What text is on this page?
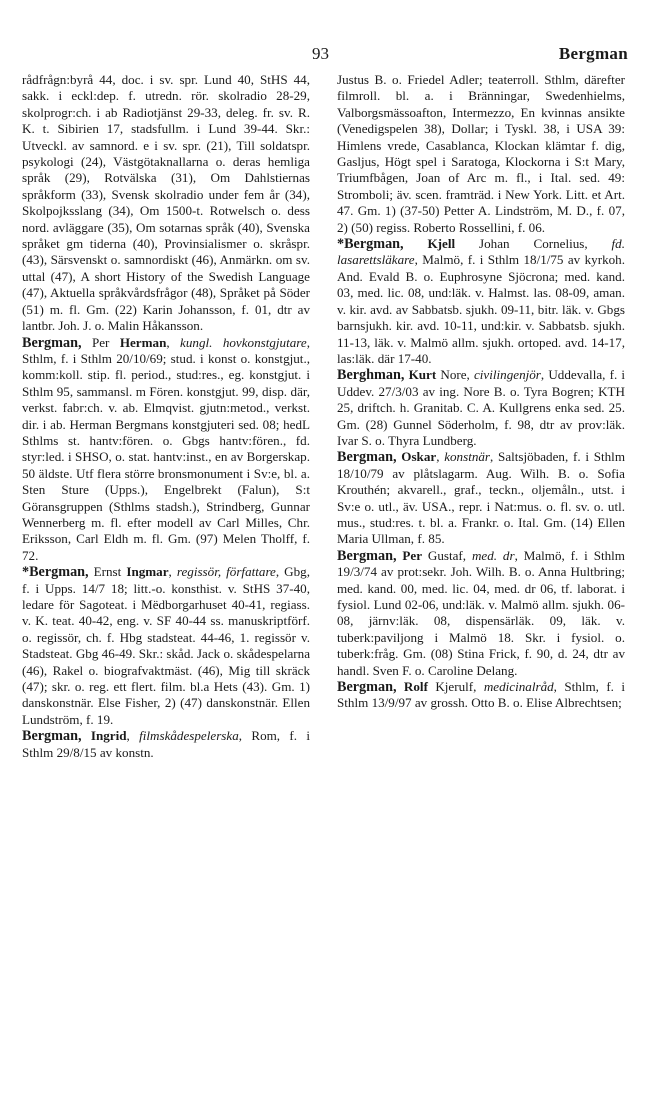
93	Bergman

rådfrågn:byrå 44, doc. i sv. spr. Lund 40, StHS 44, sakk. i eckl:dep. f. utredn. rör. skolradio 28-29, skolprogr:ch. i ab Radiotjänst 29-33, deleg. fr. sv. R. K. t. Sibirien 17, stadsfullm. i Lund 39-44. Skr.: Utveckl. av samnord. e i sv. spr. (21), Till soldatspr. psykologi (24), Västgötaknallarna o. deras hemliga språk (29), Rotvälska (31), Om Dahlstiernas språkform (33), Svensk skolradio under fem år (34), Skolpojksslang (34), Om 1500-t. Rotwelsch o. dess nord. avläggare (35), Om sotarnas språk (40), Svenska språket gm tiderna (40), Provinsialismer o. skråspr. (43), Särsvenskt o. samnordiskt (46), Anmärkn. om sv. uttal (47), A short History of the Swedish Language (47), Aktuella språkvårdsfrågor (48), Språket på Söder (51) m. fl. Gm. (22) Karin Johansson, f. 01, dtr av lantbr. Joh. J. o. Malin Håkansson.

Bergman, Per Herman, kungl. hovkonstgjutare, Sthlm, f. i Sthlm 20/10/69; stud. i konst o. konstgjut., komm:koll. stip. fl. period., stud:res., eg. konstgjut. i Sthlm 95, sammansl. m Fören. konstgjut. 99, disp. där, verkst. fabr:ch. v. ab. Elmqvist. gjutn:metod., verkst. dir. i ab. Herman Bergmans konstgjuteri sed. 08; hedL Sthlms st. hantv:fören. o. Gbgs hantv:fören., fd. styr:led. i SHSO, o. stat. hantv:inst., en av Borgerskap. 50 äldste. Utf flera större bronsmonument i Sv:e, bl. a. Sten Sture (Upps.), Engelbrekt (Falun), S:t Göransgruppen (Sthlms stadsh.), Strindberg, Gunnar Wennerberg m. fl. efter modell av Carl Milles, Chr. Eriksson, Carl Eldh m. fl. Gm. (97) Melen Tholff, f. 72.

*Bergman, Ernst Ingmar, regissör, författare, Gbg, f. i Upps. 14/7 18; litt.-o. konsthist. v. StHS 37-40, ledare för Sagoteat. i Mëdborgarhuset 40-41, regiass. v. K. teat. 40-42, eng. v. SF 40-44 ss. manuskriptförf. o. regissör, ch. f. Hbg stadsteat. 44-46, 1. regissör v. Stadsteat. Gbg 46-49. Skr.: skåd. Jack o. skådespelarna (46), Rakel o. biografvaktmäst. (46), Mig till skräck (47); skr. o. reg. ett flert. film. bl.a Hets (43). Gm. 1) danskonstnär. Else Fisher, 2) (47) danskonstnär. Ellen Lundström, f. 19.

Bergman, Ingrid, filmskådespelerska, Rom, f. i Sthlm 29/8/15 av konstn.

Justus B. o. Friedel Adler; teaterroll. Sthlm, därefter filmroll. bl. a. i Bränningar, Swedenhielms, Valborgsmässoafton, Intermezzo, En kvinnas ansikte (Venedigspelen 38), Dollar; i Tyskl. 38, i USA 39: Himlens vrede, Casablanca, Klockan klämtar f. dig, Gasljus, Högt spel i Saratoga, Klockorna i S:t Mary, Triumfbågen, Joan of Arc m. fl., i Ital. sed. 49: Stromboli; äv. scen. framträd. i New York. Litt. et Art. 47. Gm. 1) (37-50) Petter A. Lindström, M. D., f. 07, 2) (50) regiss. Roberto Rossellini, f. 06.

*Bergman, Kjell Johan Cornelius, fd. lasarettsläkare, Malmö, f. i Sthlm 18/1/75 av kyrkoh. And. Evald B. o. Euphrosyne Sjöcrona; med. kand. 03, med. lic. 08, und:läk. v. Halmst. las. 08-09, aman. v. kir. avd. av Sabbatsb. sjukh. 09-11, bitr. läk. v. Gbgs barnsjukh. kir. avd. 10-11, und:kir. v. Sabbatsb. sjukh. 11-13, läk. v. Malmö allm. sjukh. ortoped. avd. 14-17, las:läk. där 17-40.

Berghman, Kurt Nore, civilingenjör, Uddevalla, f. i Uddev. 27/3/03 av ing. Nore B. o. Tyra Bogren; KTH 25, driftch. h. Granitab. C. A. Kullgrens enka sed. 25. Gm. (28) Gunnel Söderholm, f. 98, dtr av prov:läk. Ivar S. o. Thyra Lundberg.

Bergman, Oskar, konstnär, Saltsjöbaden, f. i Sthlm 18/10/79 av plåtslagarm. Aug. Wilh. B. o. Sofia Krouthén; akvarell., graf., teckn., oljemåln., utst. i Sv:e o. utl., äv. USA., repr. i Nat:mus. o. fl. sv. o. utl. mus., stud:res. t. bl. a. Frankr. o. Ital. Gm. (14) Ellen Maria Ullman, f. 85.

Bergman, Per Gustaf, med. dr, Malmö, f. i Sthlm 19/3/74 av prot:sekr. Joh. Wilh. B. o. Anna Hultbring; med. kand. 00, med. lic. 04, med. dr 06, tf. laborat. i fysiol. Lund 02-06, und:läk. v. Malmö allm. sjukh. 06-08, järnv:läk. 08, dispensärläk. 09, läk. v. tuberk:paviljong i Malmö 18. Skr. i fysiol. o. tuberk:fråg. Gm. (08) Stina Frick, f. 90, d. 24, dtr av handl. Sven F. o. Caroline Delang.

Bergman, Rolf Kjerulf, medicinalråd, Sthlm, f. i Sthlm 13/9/97 av grossh. Otto B. o. Elise Albrechtsen;
